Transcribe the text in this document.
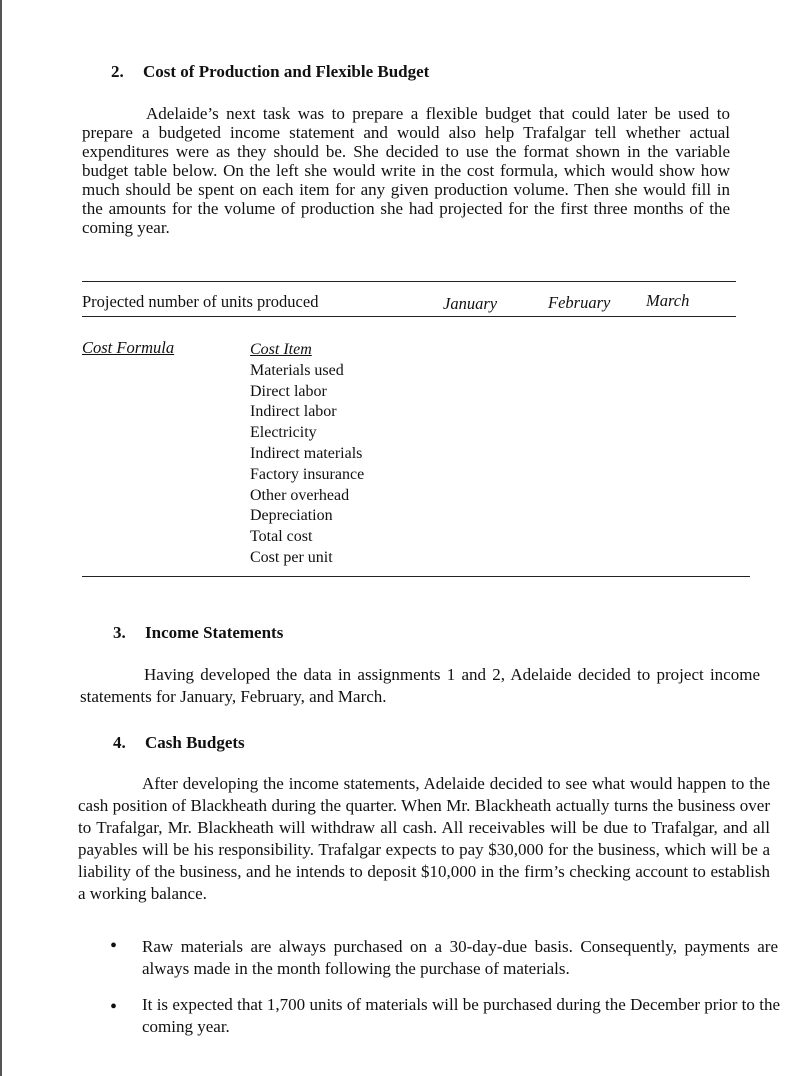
2. Cost of Production and Flexible Budget

Adelaide’s next task was to prepare a flexible budget that could later be used to prepare a budgeted income statement and would also help Trafalgar tell whether actual expenditures were as they should be. She decided to use the format shown in the variable budget table below. On the left she would write in the cost formula, which would show how much should be spent on each item for any given production volume. Then she would fill in the amounts for the volume of production she had projected for the first three months of the coming year.

Projected number of units produced	January	February March
Cost Formula	Cost Item
Materials used
Direct labor
Indirect labor
Electricity
Indirect materials
Factory insurance
Other overhead
Depreciation
Total cost
Cost per unit
3. Income Statements

Having developed the data in assignments 1 and 2, Adelaide decided to project income statements for January, February, and March.

4. Cash Budgets

After developing the income statements, Adelaide decided to see what would happen to the cash position of Blackheath during the quarter. When Mr. Blackheath actually turns the business over to Trafalgar, Mr. Blackheath will withdraw all cash. All receivables will be due to Trafalgar, and all payables will be his responsibility. Trafalgar expects to pay $30,000 for the business, which will be a liability of the business, and he intends to deposit $10,000 in the firm’s checking account to establish a working balance.

• Raw materials are always purchased on a 30-day-due basis. Consequently, payments are always made in the month following the purchase of materials.
• It is expected that 1,700 units of materials will be purchased during the December prior to the coming year.
